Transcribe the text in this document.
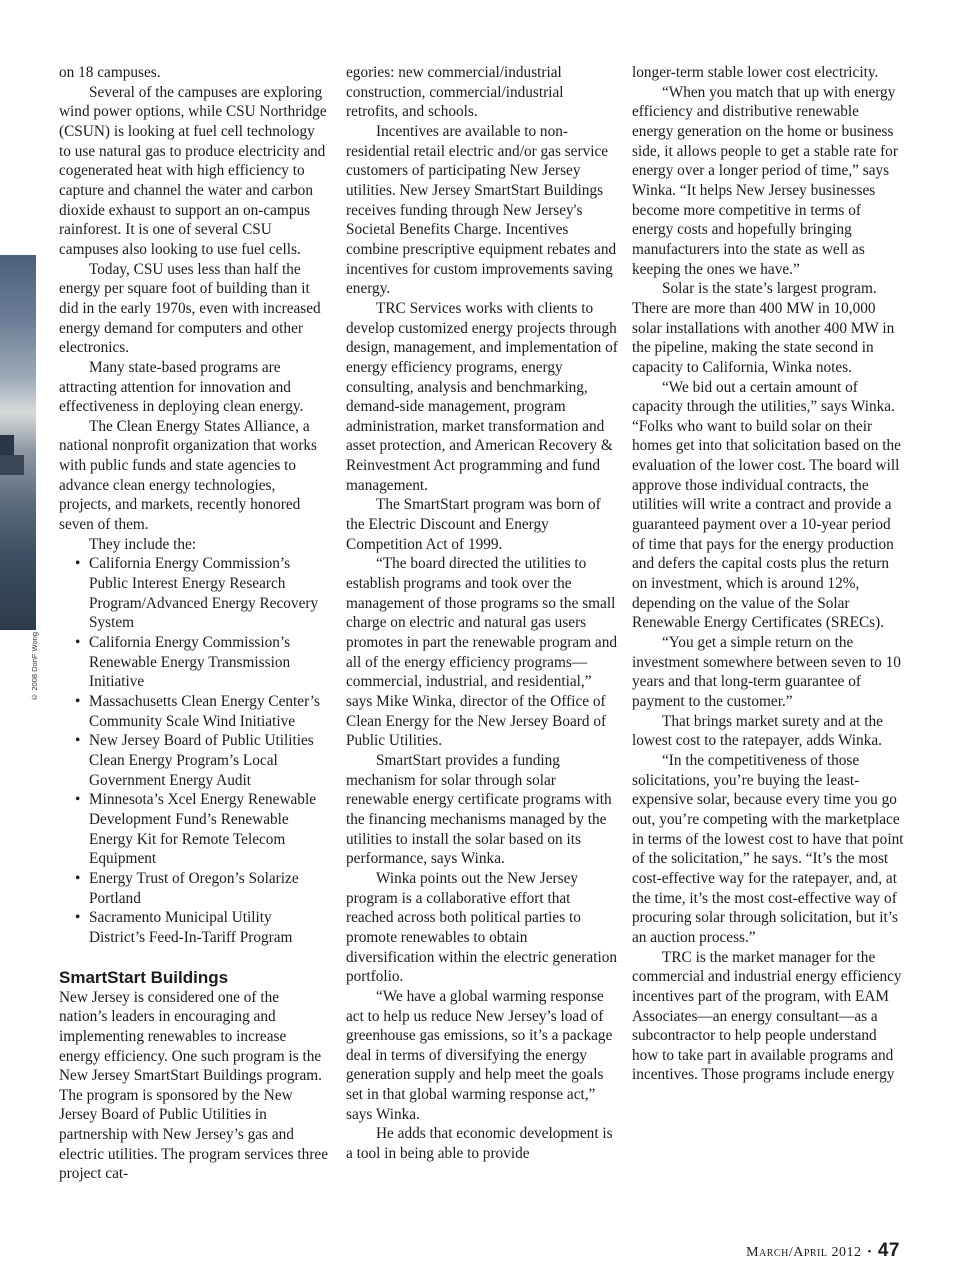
© 2008 DonF Wong

on 18 campuses.

Several of the campuses are exploring wind power options, while CSU Northridge (CSUN) is looking at fuel cell technology to use natural gas to produce electricity and cogenerated heat with high efficiency to capture and channel the water and carbon dioxide exhaust to support an on-campus rainforest. It is one of several CSU campuses also looking to use fuel cells.

Today, CSU uses less than half the energy per square foot of building than it did in the early 1970s, even with increased energy demand for computers and other electronics.

Many state-based programs are attracting attention for innovation and effectiveness in deploying clean energy.

The Clean Energy States Alliance, a national nonprofit organization that works with public funds and state agencies to advance clean energy technologies, projects, and markets, recently honored seven of them.

They include the:

• California Energy Commission’s Public Interest Energy Research Program/Advanced Energy Recovery System
• California Energy Commission’s Renewable Energy Transmission Initiative
• Massachusetts Clean Energy Center’s Community Scale Wind Initiative
• New Jersey Board of Public Utilities Clean Energy Program’s Local Government Energy Audit
• Minnesota’s Xcel Energy Renewable Development Fund’s Renewable Energy Kit for Remote Telecom Equipment
• Energy Trust of Oregon’s Solarize Portland
• Sacramento Municipal Utility District’s Feed-In-Tariff Program
SmartStart Buildings

New Jersey is considered one of the nation’s leaders in encouraging and implementing renewables to increase energy efficiency. One such program is the New Jersey SmartStart Buildings program. The program is sponsored by the New Jersey Board of Public Utilities in partnership with New Jersey’s gas and electric utilities. The program services three project cat-

egories: new commercial/industrial construction, commercial/industrial retrofits, and schools.

Incentives are available to non-residential retail electric and/or gas service customers of participating New Jersey utilities. New Jersey SmartStart Buildings receives funding through New Jersey's Societal Benefits Charge. Incentives combine prescriptive equipment rebates and incentives for custom improvements saving energy.

TRC Services works with clients to develop customized energy projects through design, management, and implementation of energy efficiency programs, energy consulting, analysis and benchmarking, demand-side management, program administration, market transformation and asset protection, and American Recovery & Reinvestment Act programming and fund management.

The SmartStart program was born of the Electric Discount and Energy Competition Act of 1999.

“The board directed the utilities to establish programs and took over the management of those programs so the small charge on electric and natural gas users promotes in part the renewable program and all of the energy efficiency programs—commercial, industrial, and residential,” says Mike Winka, director of the Office of Clean Energy for the New Jersey Board of Public Utilities.

SmartStart provides a funding mechanism for solar through solar renewable energy certificate programs with the financing mechanisms managed by the utilities to install the solar based on its performance, says Winka.

Winka points out the New Jersey program is a collaborative effort that reached across both political parties to promote renewables to obtain diversification within the electric generation portfolio.

“We have a global warming response act to help us reduce New Jersey’s load of greenhouse gas emissions, so it’s a package deal in terms of diversifying the energy generation supply and help meet the goals set in that global warming response act,” says Winka.

He adds that economic development is a tool in being able to provide

longer-term stable lower cost electricity.

“When you match that up with energy efficiency and distributive renewable energy generation on the home or business side, it allows people to get a stable rate for energy over a longer period of time,” says Winka. “It helps New Jersey businesses become more competitive in terms of energy costs and hopefully bringing manufacturers into the state as well as keeping the ones we have.”

Solar is the state’s largest program. There are more than 400 MW in 10,000 solar installations with another 400 MW in the pipeline, making the state second in capacity to California, Winka notes.

“We bid out a certain amount of capacity through the utilities,” says Winka. “Folks who want to build solar on their homes get into that solicitation based on the evaluation of the lower cost. The board will approve those individual contracts, the utilities will write a contract and provide a guaranteed payment over a 10-year period of time that pays for the energy production and defers the capital costs plus the return on investment, which is around 12%, depending on the value of the Solar Renewable Energy Certificates (SRECs).

“You get a simple return on the investment somewhere between seven to 10 years and that long-term guarantee of payment to the customer.”

That brings market surety and at the lowest cost to the ratepayer, adds Winka.

“In the competitiveness of those solicitations, you’re buying the least-expensive solar, because every time you go out, you’re competing with the marketplace in terms of the lowest cost to have that point of the solicitation,” he says. “It’s the most cost-effective way for the ratepayer, and, at the time, it’s the most cost-effective way of procuring solar through solicitation, but it’s an auction process.”

TRC is the market manager for the commercial and industrial energy efficiency incentives part of the program, with EAM Associates—an energy consultant—as a subcontractor to help people understand how to take part in available programs and incentives. Those programs include energy

March/April 2012 • 47
